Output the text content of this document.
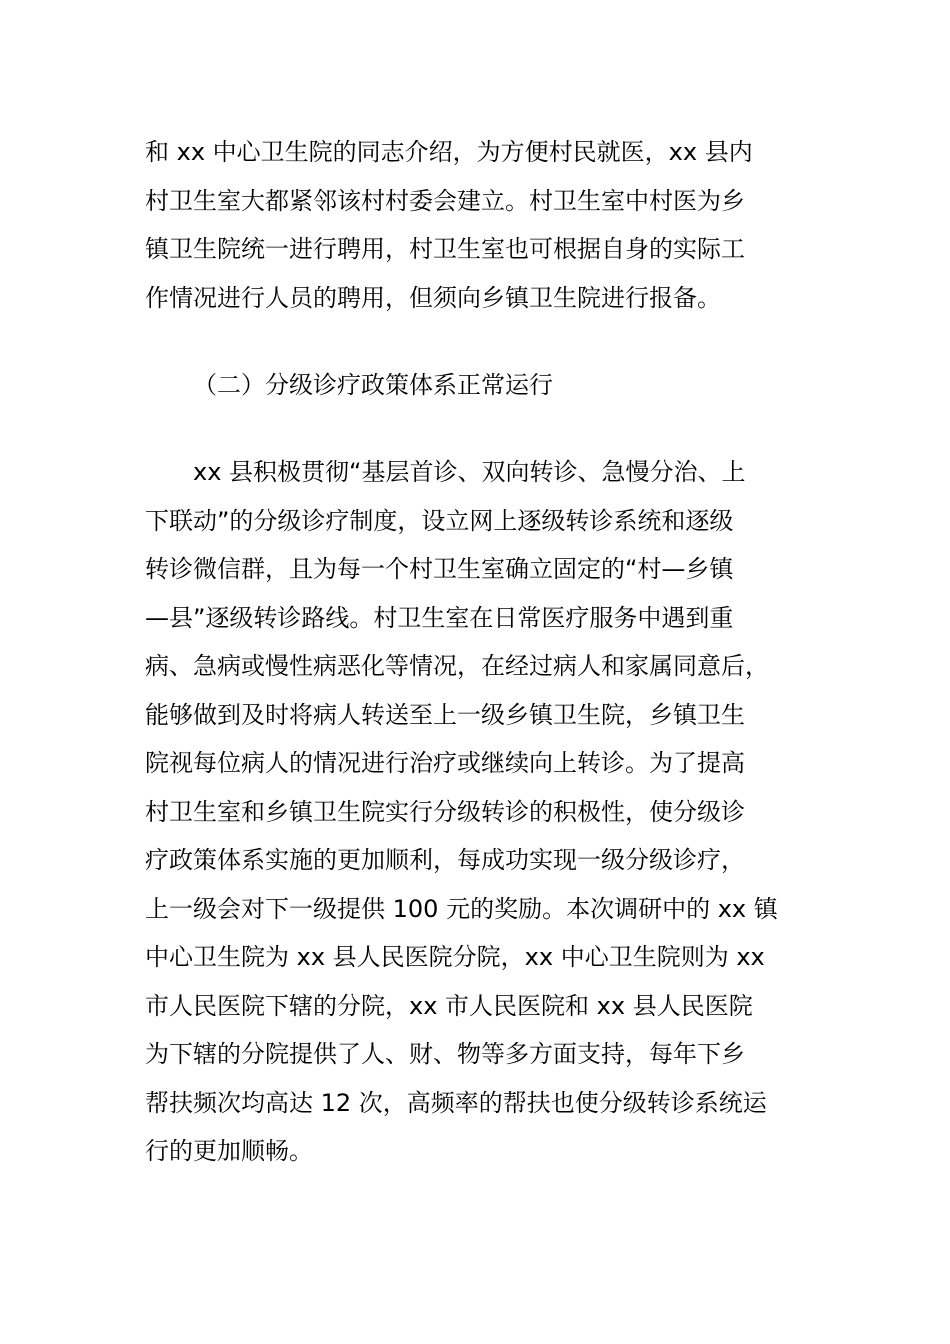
和 xx 中心卫生院的同志介绍，为方便村民就医，xx 县内
村卫生室大都紧邻该村村委会建立。村卫生室中村医为乡
镇卫生院统一进行聘用，村卫生室也可根据自身的实际工
作情况进行人员的聘用，但须向乡镇卫生院进行报备。
（二）分级诊疗政策体系正常运行
xx 县积极贯彻“基层首诊、双向转诊、急慢分治、上
下联动”的分级诊疗制度，设立网上逐级转诊系统和逐级
转诊微信群，且为每一个村卫生室确立固定的“村—乡镇
—县”逐级转诊路线。村卫生室在日常医疗服务中遇到重
病、急病或慢性病恶化等情况，在经过病人和家属同意后，
能够做到及时将病人转送至上一级乡镇卫生院，乡镇卫生
院视每位病人的情况进行治疗或继续向上转诊。为了提高
村卫生室和乡镇卫生院实行分级转诊的积极性，使分级诊
疗政策体系实施的更加顺利，每成功实现一级分级诊疗，
上一级会对下一级提供 100 元的奖励。本次调研中的 xx 镇
中心卫生院为 xx 县人民医院分院，xx 中心卫生院则为 xx
市人民医院下辖的分院，xx 市人民医院和 xx 县人民医院
为下辖的分院提供了人、财、物等多方面支持，每年下乡
帮扶频次均高达 12 次，高频率的帮扶也使分级转诊系统运
行的更加顺畅。
